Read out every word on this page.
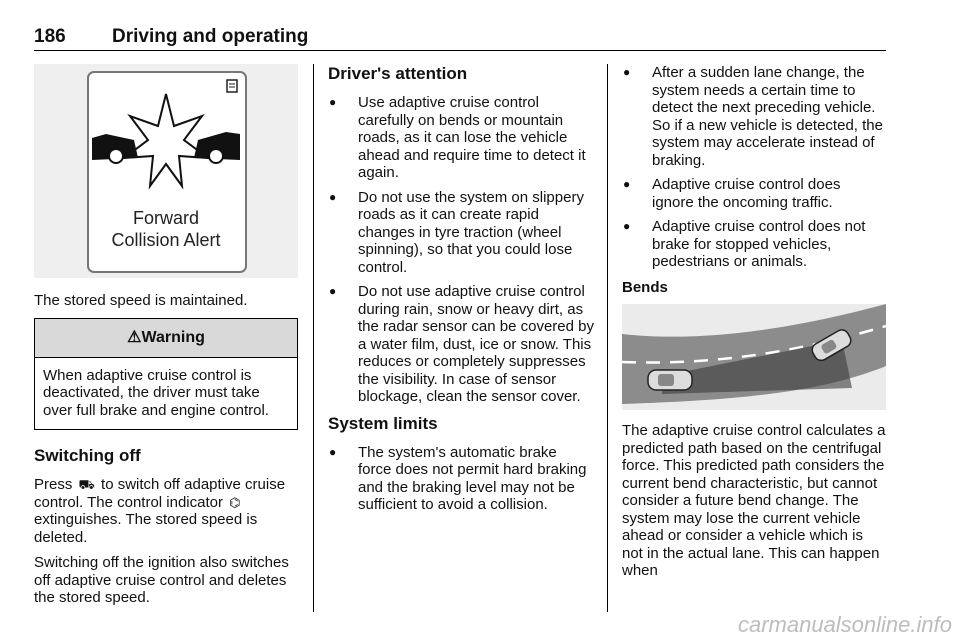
186 Driving and operating
Forward
Collision Alert

The stored speed is maintained.

⚠ Warning
When adaptive cruise control is deactivated, the driver must take over full brake and engine control.
Switching off

Press ⛟ to switch off adaptive cruise control. The control indicator ⌬ extinguishes. The stored speed is deleted.

Switching off the ignition also switches off adaptive cruise control and deletes the stored speed.

Driver's attention
● Use adaptive cruise control carefully on bends or mountain roads, as it can lose the vehicle ahead and require time to detect it again.
● Do not use the system on slippery roads as it can create rapid changes in tyre traction (wheel spinning), so that you could lose control.
● Do not use adaptive cruise control during rain, snow or heavy dirt, as the radar sensor can be covered by a water film, dust, ice or snow. This reduces or completely suppresses the visibility. In case of sensor blockage, clean the sensor cover.
System limits
● The system's automatic brake force does not permit hard braking and the braking level may not be sufficient to avoid a collision.
● After a sudden lane change, the system needs a certain time to detect the next preceding vehicle. So if a new vehicle is detected, the system may accelerate instead of braking.
● Adaptive cruise control does ignore the oncoming traffic.
● Adaptive cruise control does not brake for stopped vehicles, pedestrians or animals.
Bends

The adaptive cruise control calculates a predicted path based on the centrifugal force. This predicted path considers the current bend characteristic, but cannot consider a future bend change. The system may lose the current vehicle ahead or consider a vehicle which is not in the actual lane. This can happen when

carmanualsonline.info
